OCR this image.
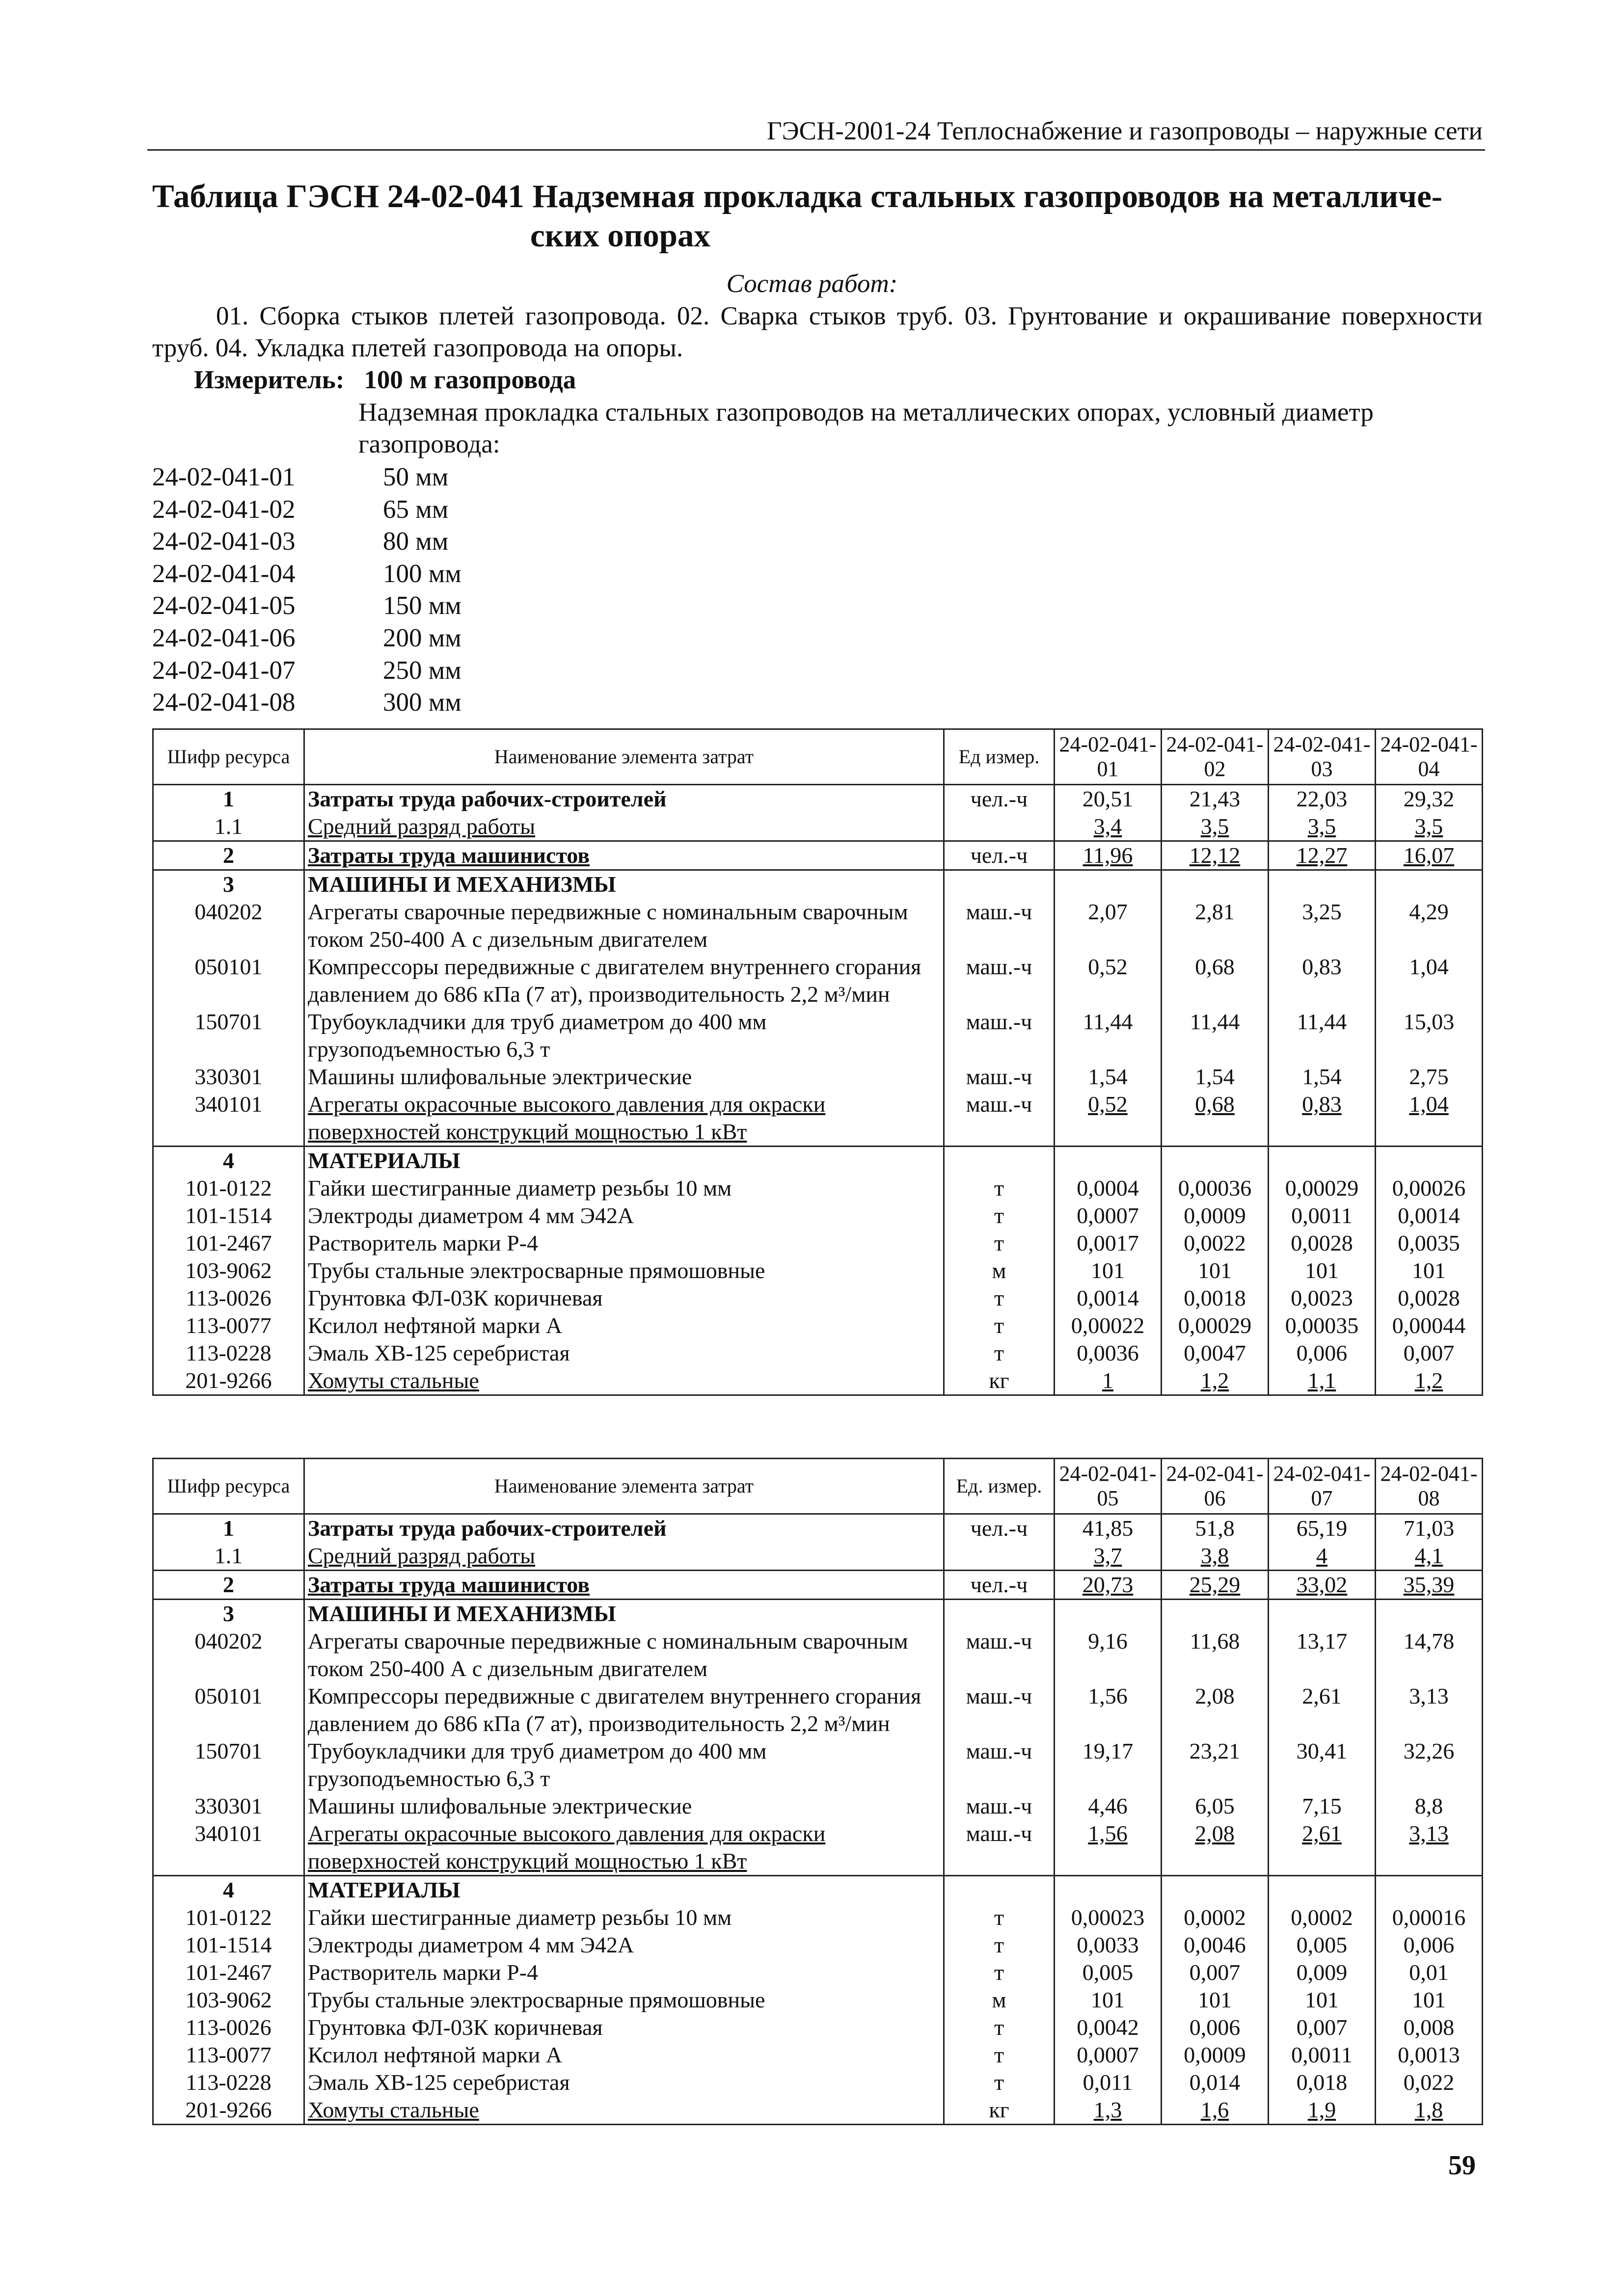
ГЭСН-2001-24 Теплоснабжение и газопроводы – наружные сети
Таблица ГЭСН 24-02-041 Надземная прокладка стальных газопроводов на металличе-
ских опорах
Состав работ:
01. Сборка стыков плетей газопровода. 02. Сварка стыков труб. 03. Грунтование и окрашивание поверхности труб. 04. Укладка плетей газопровода на опоры.
Измеритель: 100 м газопровода
Надземная прокладка стальных газопроводов на металлических опорах, условный диаметр газопровода:
24-02-041-01	50 мм
24-02-041-02	65 мм
24-02-041-03	80 мм
24-02-041-04	100 мм
24-02-041-05	150 мм
24-02-041-06	200 мм
24-02-041-07	250 мм
24-02-041-08	300 мм
Шифр ресурса	Наименование элемента затрат	Ед измер.	24-02-041-01	24-02-041-02	24-02-041-03	24-02-041-04
1	Затраты труда рабочих-строителей	чел.-ч	20,51	21,43	22,03	29,32
1.1	Средний разряд работы		3,4	3,5	3,5	3,5
2	Затраты труда машинистов	чел.-ч	11,96	12,12	12,27	16,07
3	МАШИНЫ И МЕХАНИЗМЫ					
040202	Агрегаты сварочные передвижные с номинальным сварочным током 250-400 А с дизельным двигателем	маш.-ч	2,07	2,81	3,25	4,29
050101	Компрессоры передвижные с двигателем внутреннего сгорания давлением до 686 кПа (7 ат), производительность 2,2 м³/мин	маш.-ч	0,52	0,68	0,83	1,04
150701	Трубоукладчики для труб диаметром до 400 мм грузоподъемностью 6,3 т	маш.-ч	11,44	11,44	11,44	15,03
330301	Машины шлифовальные электрические	маш.-ч	1,54	1,54	1,54	2,75
340101	Агрегаты окрасочные высокого давления для окраски поверхностей конструкций мощностью 1 кВт	маш.-ч	0,52	0,68	0,83	1,04
4	МАТЕРИАЛЫ					
101-0122	Гайки шестигранные диаметр резьбы 10 мм	т	0,0004	0,00036	0,00029	0,00026
101-1514	Электроды диаметром 4 мм Э42А	т	0,0007	0,0009	0,0011	0,0014
101-2467	Растворитель марки Р-4	т	0,0017	0,0022	0,0028	0,0035
103-9062	Трубы стальные электросварные прямошовные	м	101	101	101	101
113-0026	Грунтовка ФЛ-03К коричневая	т	0,0014	0,0018	0,0023	0,0028
113-0077	Ксилол нефтяной марки А	т	0,00022	0,00029	0,00035	0,00044
113-0228	Эмаль ХВ-125 серебристая	т	0,0036	0,0047	0,006	0,007
201-9266	Хомуты стальные	кг	1	1,2	1,1	1,2
Шифр ресурса	Наименование элемента затрат	Ед. измер.	24-02-041-05	24-02-041-06	24-02-041-07	24-02-041-08
1	Затраты труда рабочих-строителей	чел.-ч	41,85	51,8	65,19	71,03
1.1	Средний разряд работы		3,7	3,8	4	4,1
2	Затраты труда машинистов	чел.-ч	20,73	25,29	33,02	35,39
3	МАШИНЫ И МЕХАНИЗМЫ					
040202	Агрегаты сварочные передвижные с номинальным сварочным током 250-400 А с дизельным двигателем	маш.-ч	9,16	11,68	13,17	14,78
050101	Компрессоры передвижные с двигателем внутреннего сгорания давлением до 686 кПа (7 ат), производительность 2,2 м³/мин	маш.-ч	1,56	2,08	2,61	3,13
150701	Трубоукладчики для труб диаметром до 400 мм грузоподъемностью 6,3 т	маш.-ч	19,17	23,21	30,41	32,26
330301	Машины шлифовальные электрические	маш.-ч	4,46	6,05	7,15	8,8
340101	Агрегаты окрасочные высокого давления для окраски поверхностей конструкций мощностью 1 кВт	маш.-ч	1,56	2,08	2,61	3,13
4	МАТЕРИАЛЫ					
101-0122	Гайки шестигранные диаметр резьбы 10 мм	т	0,00023	0,0002	0,0002	0,00016
101-1514	Электроды диаметром 4 мм Э42А	т	0,0033	0,0046	0,005	0,006
101-2467	Растворитель марки Р-4	т	0,005	0,007	0,009	0,01
103-9062	Трубы стальные электросварные прямошовные	м	101	101	101	101
113-0026	Грунтовка ФЛ-03К коричневая	т	0,0042	0,006	0,007	0,008
113-0077	Ксилол нефтяной марки А	т	0,0007	0,0009	0,0011	0,0013
113-0228	Эмаль ХВ-125 серебристая	т	0,011	0,014	0,018	0,022
201-9266	Хомуты стальные	кг	1,3	1,6	1,9	1,8
59
